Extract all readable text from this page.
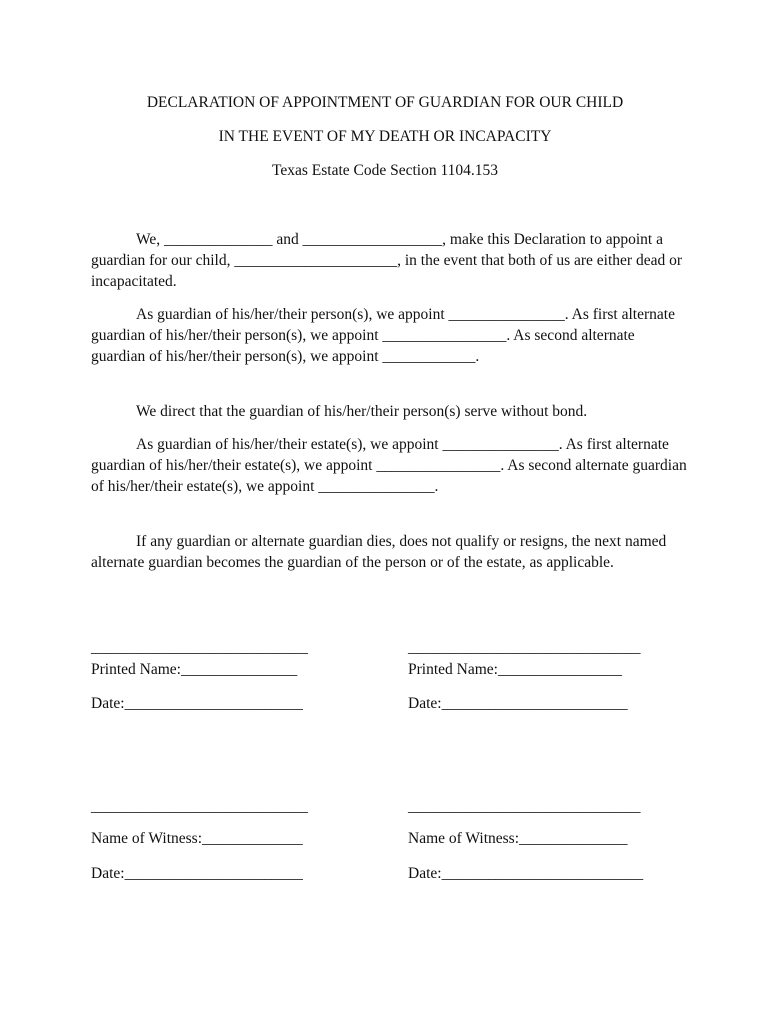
DECLARATION OF APPOINTMENT OF GUARDIAN FOR OUR CHILD
IN THE EVENT OF MY DEATH OR INCAPACITY
Texas Estate Code Section 1104.153

We, ______________ and __________________, make this Declaration to appoint a guardian for our child, _____________________, in the event that both of us are either dead or incapacitated.

As guardian of his/her/their person(s), we appoint _______________. As first alternate guardian of his/her/their person(s), we appoint ________________. As second alternate guardian of his/her/their person(s), we appoint ____________.

We direct that the guardian of his/her/their person(s) serve without bond.

As guardian of his/her/their estate(s), we appoint _______________. As first alternate guardian of his/her/their estate(s), we appoint ________________. As second alternate guardian of his/her/their estate(s), we appoint _______________.

If any guardian or alternate guardian dies, does not qualify or resigns, the next named alternate guardian becomes the guardian of the person or of the estate, as applicable.

____________________________	______________________________
Printed Name:_______________	Printed Name:________________
Date:_______________________	Date:________________________
____________________________	______________________________
Name of Witness:_____________	Name of Witness:______________
Date:_______________________	Date:__________________________
